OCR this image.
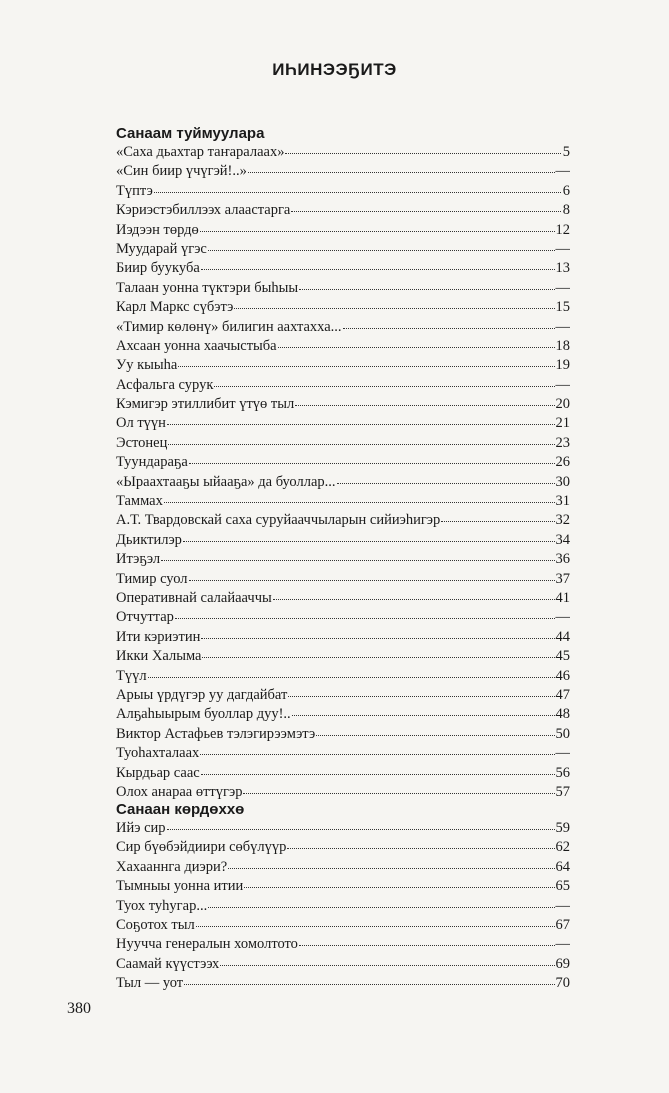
ИҺИНЭЭҔИТЭ
Санаам туймуулара
«Саха дьахтар таҥаралаах»	5
«Син биир үчүгэй!..»	—
Түптэ	6
Кэриэстэбиллээх алаастарга	8
Иэдээн төрдө	12
Муударай үгэс	—
Биир буукуба	13
Талаан уонна түктэри быһыы	—
Карл Маркс сүбэтэ	15
«Тимир көлөнү» билигин аахтахха...	—
Ахсаан уонна хаачыстыба	18
Уу кыыһа	19
Асфальга сурук	—
Кэмигэр этиллибит үтүө тыл	20
Ол түүн	21
Эстонец	23
Туундараҕа	26
«Ыраахтааҕы ыйааҕа» да буоллар...	30
Таммах	31
А.Т. Твардовскай саха суруйааччыларын сийиэһигэр	32
Дьиктилэр	34
Итэҕэл	36
Тимир суол	37
Оперативнай салайааччы	41
Отчуттар	—
Ити кэриэтин	44
Икки Халыма	45
Түүл	46
Арыы үрдүгэр уу дагдайбат	47
Алҕаһыырым буоллар дуу!..	48
Виктор Астафьев тэлэгирээмэтэ	50
Туоһахталаах	—
Кырдьар саас	56
Олох анараа өттүгэр	57
Санаан көрдөххө
Ийэ сир	59
Сир бүөбэйдиири сөбүлүүр	62
Хахааннга диэри?	64
Тымныы уонна итии	65
Туох туһугар...	—
Соҕотох тыл	67
Нуучча генералын хомолтото	—
Саамай күүстээх	69
Тыл — уот	70
380
